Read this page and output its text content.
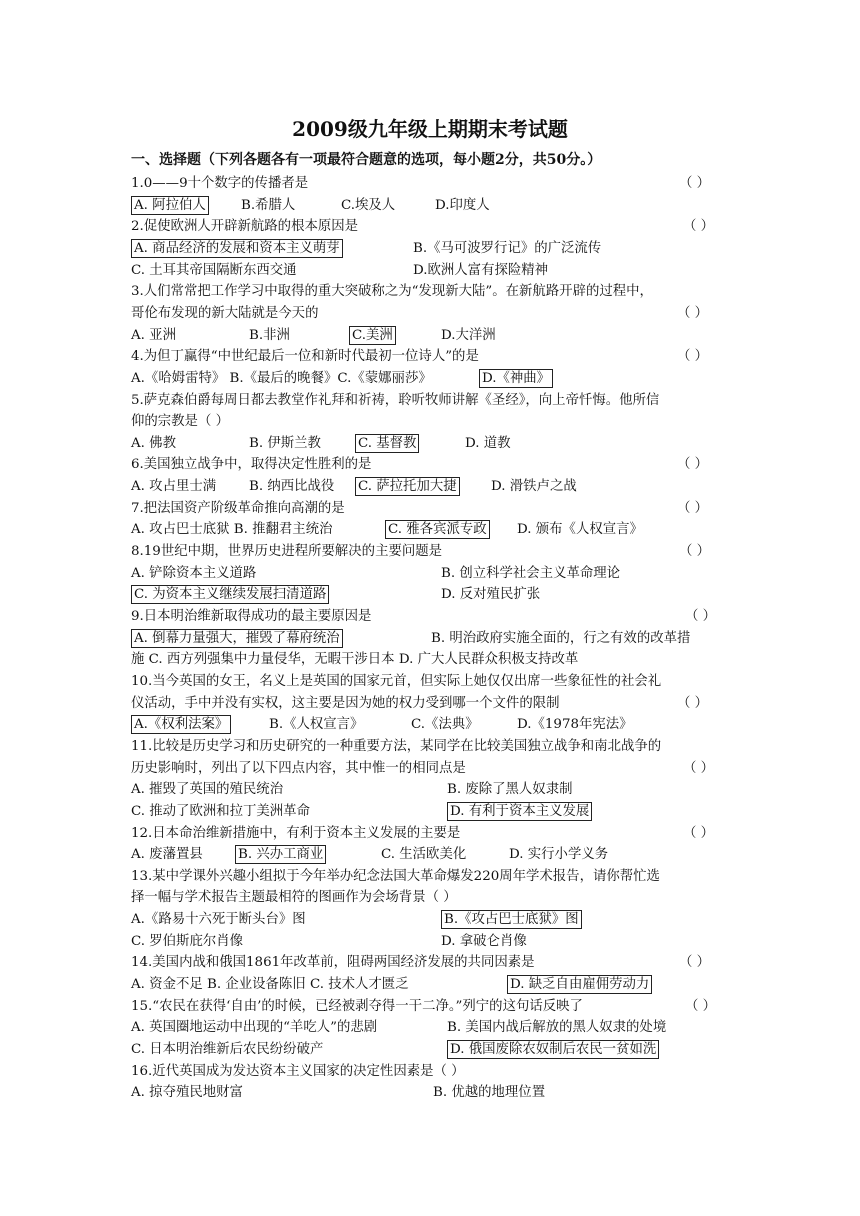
2009级九年级上期期末考试题
一、选择题（下列各题各有一项最符合题意的选项，每小题2分，共50分。）
1.0——9十个数字的传播者是	（ ）
A. 阿拉伯人	B.希腊人	C.埃及人	D.印度人
2.促使欧洲人开辟新航路的根本原因是	（ ）
A. 商品经济的发展和资本主义萌芽	B.《马可波罗行记》的广泛流传
C. 土耳其帝国隔断东西交通	D.欧洲人富有探险精神
3.人们常常把工作学习中取得的重大突破称之为“发现新大陆”。在新航路开辟的过程中，
哥伦布发现的新大陆就是今天的	（ ）
A. 亚洲	B.非洲	C.美洲	D.大洋洲
4.为但丁赢得“中世纪最后一位和新时代最初一位诗人”的是	（ ）
A.《哈姆雷特》 B.《最后的晚餐》C.《蒙娜丽莎》	D.《神曲》
5.萨克森伯爵每周日都去教堂作礼拜和祈祷，聆听牧师讲解《圣经》，向上帝忏悔。他所信
仰的宗教是（ ）
A. 佛教	B. 伊斯兰教	C. 基督教	D. 道教
6.美国独立战争中，取得决定性胜利的是	（ ）
A. 攻占里士满 B. 纳西比战役 C. 萨拉托加大捷	D. 滑铁卢之战
7.把法国资产阶级革命推向高潮的是	（ ）
A. 攻占巴士底狱 B. 推翻君主统治	C. 雅各宾派专政 D. 颁布《人权宣言》
8.19世纪中期，世界历史进程所要解决的主要问题是	（ ）
A. 铲除资本主义道路	B. 创立科学社会主义革命理论
C. 为资本主义继续发展扫清道路	D. 反对殖民扩张
9.日本明治维新取得成功的最主要原因是	（ ）
A. 倒幕力量强大，摧毁了幕府统治	B. 明治政府实施全面的，行之有效的改革措
施 C. 西方列强集中力量侵华，无暇干涉日本 D. 广大人民群众积极支持改革
10.当今英国的女王，名义上是英国的国家元首，但实际上她仅仅出席一些象征性的社会礼
仪活动，手中并没有实权，这主要是因为她的权力受到哪一个文件的限制	（ ）
A.《权利法案》	B.《人权宣言》	C.《法典》	D.《1978年宪法》
11.比较是历史学习和历史研究的一种重要方法，某同学在比较美国独立战争和南北战争的
历史影响时，列出了以下四点内容，其中惟一的相同点是	（ ）
A. 摧毁了英国的殖民统治	B. 废除了黑人奴隶制
C. 推动了欧洲和拉丁美洲革命	D. 有利于资本主义发展
12.日本命治维新措施中，有利于资本主义发展的主要是	（ ）
A. 废藩置县	B. 兴办工商业	C. 生活欧美化	D. 实行小学义务
13.某中学课外兴趣小组拟于今年举办纪念法国大革命爆发220周年学术报告，请你帮忙选
择一幅与学术报告主题最相符的图画作为会场背景（ ）
A.《路易十六死于断头台》图	B.《攻占巴士底狱》图
C. 罗伯斯庇尔肖像	D. 拿破仑肖像
14.美国内战和俄国1861年改革前，阻碍两国经济发展的共同因素是	（ ）
A. 资金不足 B. 企业设备陈旧 C. 技术人才匮乏	D. 缺乏自由雇佣劳动力
15.“农民在获得‘自由’的时候，已经被剥夺得一干二净。”列宁的这句话反映了	（ ）
A. 英国圈地运动中出现的“羊吃人”的悲剧	B. 美国内战后解放的黑人奴隶的处境
C. 日本明治维新后农民纷纷破产	D. 俄国废除农奴制后农民一贫如洗
16.近代英国成为发达资本主义国家的决定性因素是（ ）
A. 掠夺殖民地财富	B. 优越的地理位置
